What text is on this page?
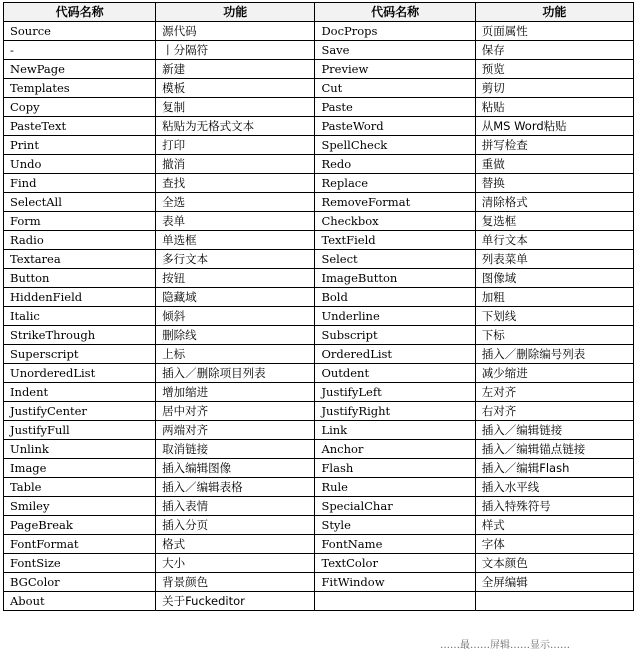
代码名称	功能	代码名称	功能
Source	源代码	DocProps	页面属性
-	丨分隔符	Save	保存
NewPage	新建	Preview	预览
Templates	模板	Cut	剪切
Copy	复制	Paste	粘贴
PasteText	粘贴为无格式文本	PasteWord	从MS Word粘贴
Print	打印	SpellCheck	拼写检查
Undo	撤消	Redo	重做
Find	查找	Replace	替换
SelectAll	全选	RemoveFormat	清除格式
Form	表单	Checkbox	复选框
Radio	单选框	TextField	单行文本
Textarea	多行文本	Select	列表菜单
Button	按钮	ImageButton	图像域
HiddenField	隐藏域	Bold	加粗
Italic	倾斜	Underline	下划线
StrikeThrough	删除线	Subscript	下标
Superscript	上标	OrderedList	插入／删除编号列表
UnorderedList	插入／删除项目列表	Outdent	减少缩进
Indent	增加缩进	JustifyLeft	左对齐
JustifyCenter	居中对齐	JustifyRight	右对齐
JustifyFull	两端对齐	Link	插入／编辑链接
Unlink	取消链接	Anchor	插入／编辑锚点链接
Image	插入编辑图像	Flash	插入／编辑Flash
Table	插入／编辑表格	Rule	插入水平线
Smiley	插入表情	SpecialChar	插入特殊符号
PageBreak	插入分页	Style	样式
FontFormat	格式	FontName	字体
FontSize	大小	TextColor	文本颜色
BGColor	背景颜色	FitWindow	全屏编辑
About	关于Fuckeditor		
……最……屏辑……显示……
